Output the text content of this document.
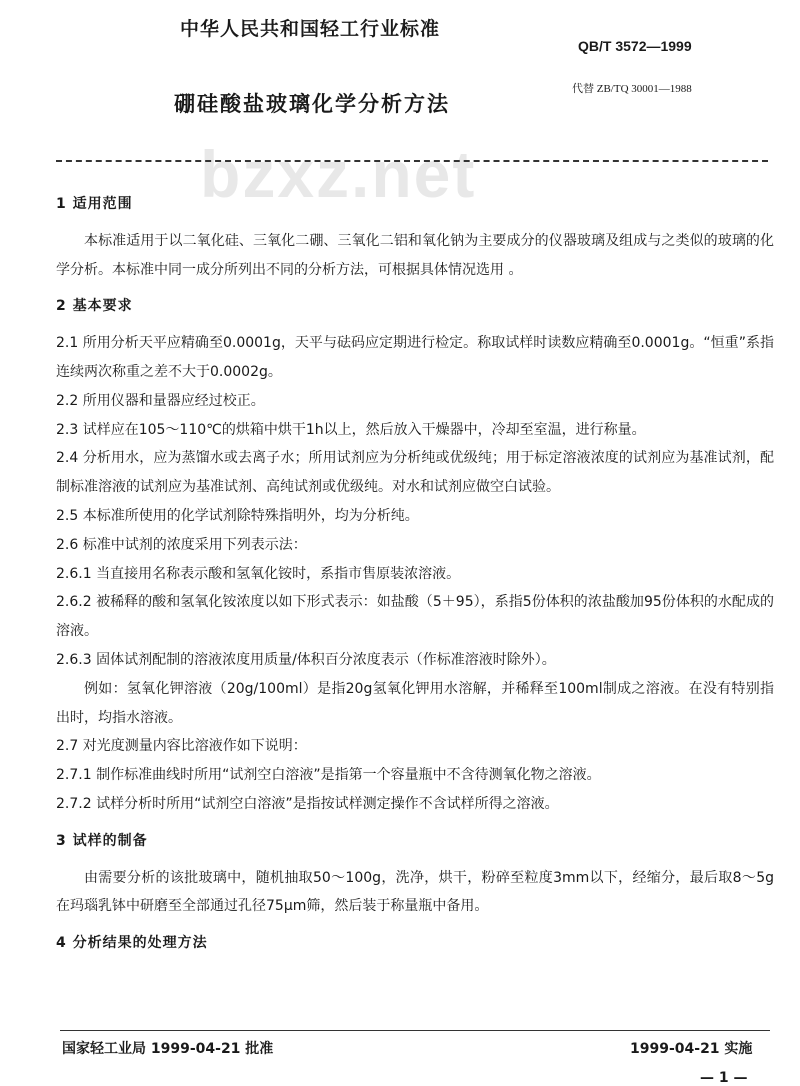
中华人民共和国轻工行业标准
QB/T 3572—1999
代替 ZB/TQ 30001—1988
硼硅酸盐玻璃化学分析方法
bzxz.net

1 适用范围

本标准适用于以二氧化硅、三氧化二硼、三氧化二铝和氧化钠为主要成分的仪器玻璃及组成与之类似的玻璃的化学分析。本标准中同一成分所列出不同的分析方法，可根据具体情况选用 。

2 基本要求

2.1 所用分析天平应精确至0.0001g，天平与砝码应定期进行检定。称取试样时读数应精确至0.0001g。“恒重”系指连续两次称重之差不大于0.0002g。

2.2 所用仪器和量器应经过校正。

2.3 试样应在105～110℃的烘箱中烘干1h以上，然后放入干燥器中，冷却至室温，进行称量。

2.4 分析用水，应为蒸馏水或去离子水；所用试剂应为分析纯或优级纯；用于标定溶液浓度的试剂应为基准试剂，配制标准溶液的试剂应为基准试剂、高纯试剂或优级纯。对水和试剂应做空白试验。

2.5 本标准所使用的化学试剂除特殊指明外，均为分析纯。

2.6 标准中试剂的浓度采用下列表示法：

2.6.1 当直接用名称表示酸和氢氧化铵时，系指市售原装浓溶液。

2.6.2 被稀释的酸和氢氧化铵浓度以如下形式表示：如盐酸（5＋95），系指5份体积的浓盐酸加95份体积的水配成的溶液。

2.6.3 固体试剂配制的溶液浓度用质量/体积百分浓度表示（作标准溶液时除外）。

例如：氢氧化钾溶液（20g/100ml）是指20g氢氧化钾用水溶解，并稀释至100ml制成之溶液。在没有特别指出时，均指水溶液。

2.7 对光度测量内容比溶液作如下说明：

2.7.1 制作标准曲线时所用“试剂空白溶液”是指第一个容量瓶中不含待测氧化物之溶液。

2.7.2 试样分析时所用“试剂空白溶液”是指按试样测定操作不含试样所得之溶液。

3 试样的制备

由需要分析的该批玻璃中，随机抽取50～100g，洗净，烘干，粉碎至粒度3mm以下，经缩分，最后取8～5g在玛瑙乳钵中研磨至全部通过孔径75μm筛，然后装于称量瓶中备用。

4 分析结果的处理方法

国家轻工业局 1999-04-21 批准	1999-04-21 实施
— 1 —
